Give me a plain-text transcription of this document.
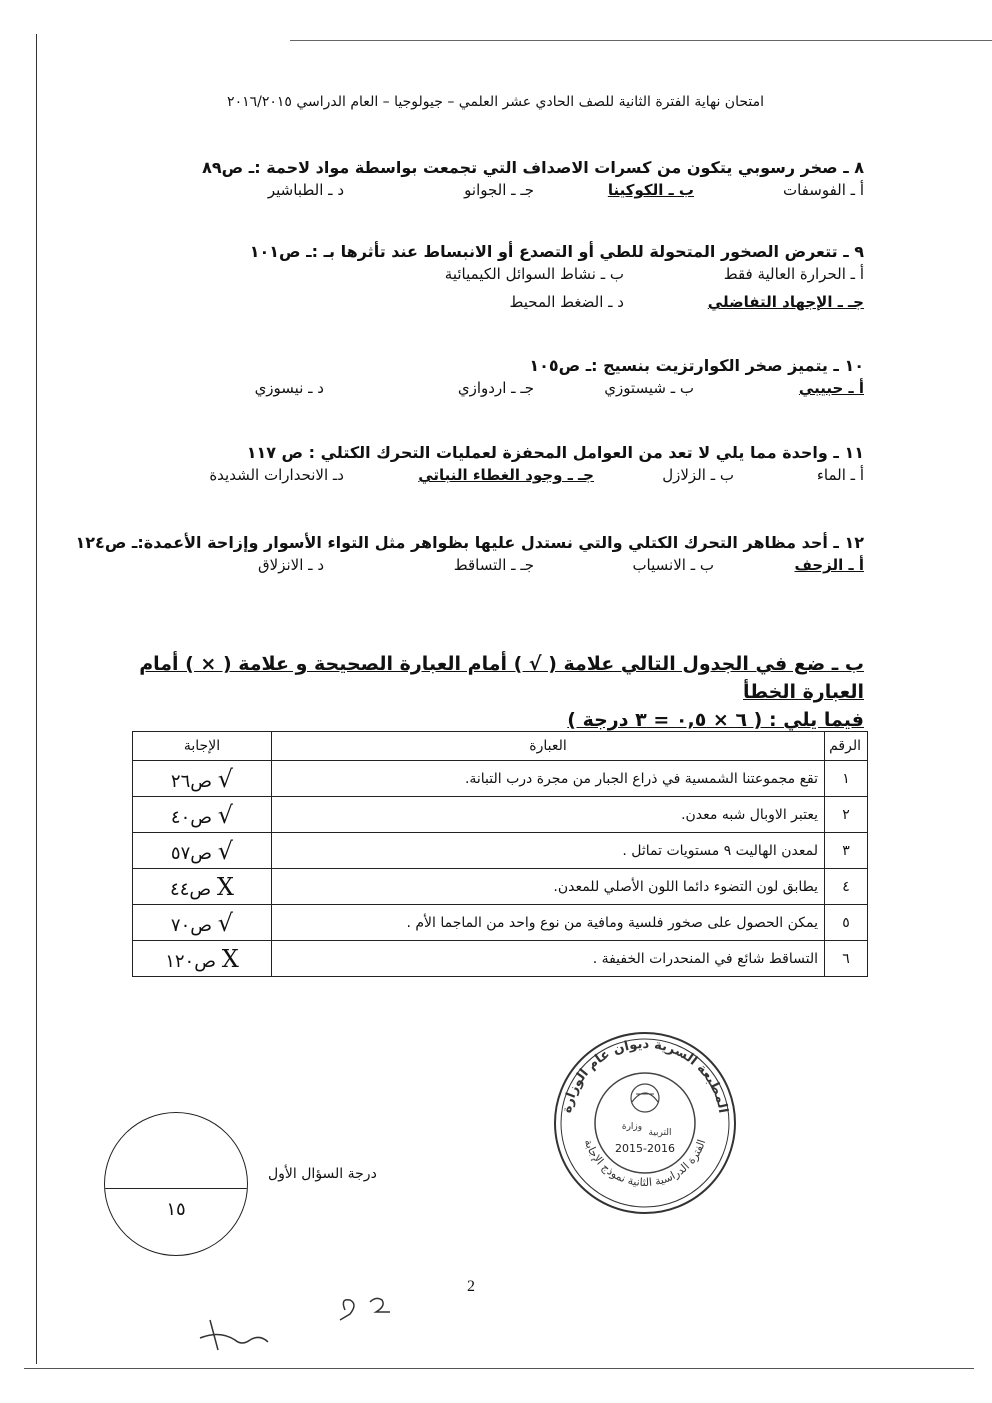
امتحان نهاية الفترة الثانية للصف الحادي عشر العلمي – جيولوجيا – العام الدراسي ٢٠١٦/٢٠١٥
٨ ـ صخر رسوبي يتكون من كسرات الاصداف التي تجمعت بواسطة مواد لاحمة :ـ ص٨٩
أ ـ الفوسفات
ب ـ الكوكينا
جـ ـ الجوانو
د ـ الطباشير
٩ ـ تتعرض الصخور المتحولة للطي أو التصدع أو الانبساط عند تأثرها بـ :ـ ص١٠١
أ ـ الحرارة العالية فقط
ب ـ نشاط السوائل الكيميائية
جـ ـ الإجهاد التفاضلي
د ـ الضغط المحيط
١٠ ـ يتميز صخر الكوارتزيت بنسيج :ـ ص١٠٥
أ ـ حبيبي
ب ـ شيستوزي
جـ ـ اردوازي
د ـ نيسوزي
١١ ـ واحدة مما يلي لا تعد من العوامل المحفزة لعمليات التحرك الكتلي : ص ١١٧
أ ـ الماء
ب ـ الزلازل
جـ ـ وجود الغطاء النباتي
دـ الانحدارات الشديدة
١٢ ـ أحد مظاهر التحرك الكتلي والتي نستدل عليها بظواهر مثل التواء الأسوار وإزاحة الأعمدة:ـ ص١٢٤
أ ـ الزحف
ب ـ الانسياب
جـ ـ التساقط
د ـ الانزلاق
ب ـ ضع في الجدول التالي علامة ( √ ) أمام العبارة الصحيحة و علامة ( × ) أمام العبارة الخطأ
فيما يلي : ( ٦ × ٠,٥ = ٣ درجة )
الرقم	العبارة	الإجابة
١	تقع مجموعتنا الشمسية في ذراع الجبار من مجرة درب التبانة.	√ ص٢٦
٢	يعتبر الاوبال شبه معدن.	√ ص٤٠
٣	لمعدن الهاليت ٩ مستويات تماثل .	√ ص٥٧
٤	يطابق لون التضوء دائما اللون الأصلي للمعدن.	X ص٤٤
٥	يمكن الحصول على صخور فلسية ومافية من نوع واحد من الماجما الأم .	√ ص٧٠
٦	التساقط شائع في المنحدرات الخفيفة .	X ص١٢٠
المطبعة السرية ديوان عام الوزارة
الفترة الدراسية الثانية نموذج الإجابة
وزارة
التربية
2015-2016
١٥
درجة السؤال الأول
2
